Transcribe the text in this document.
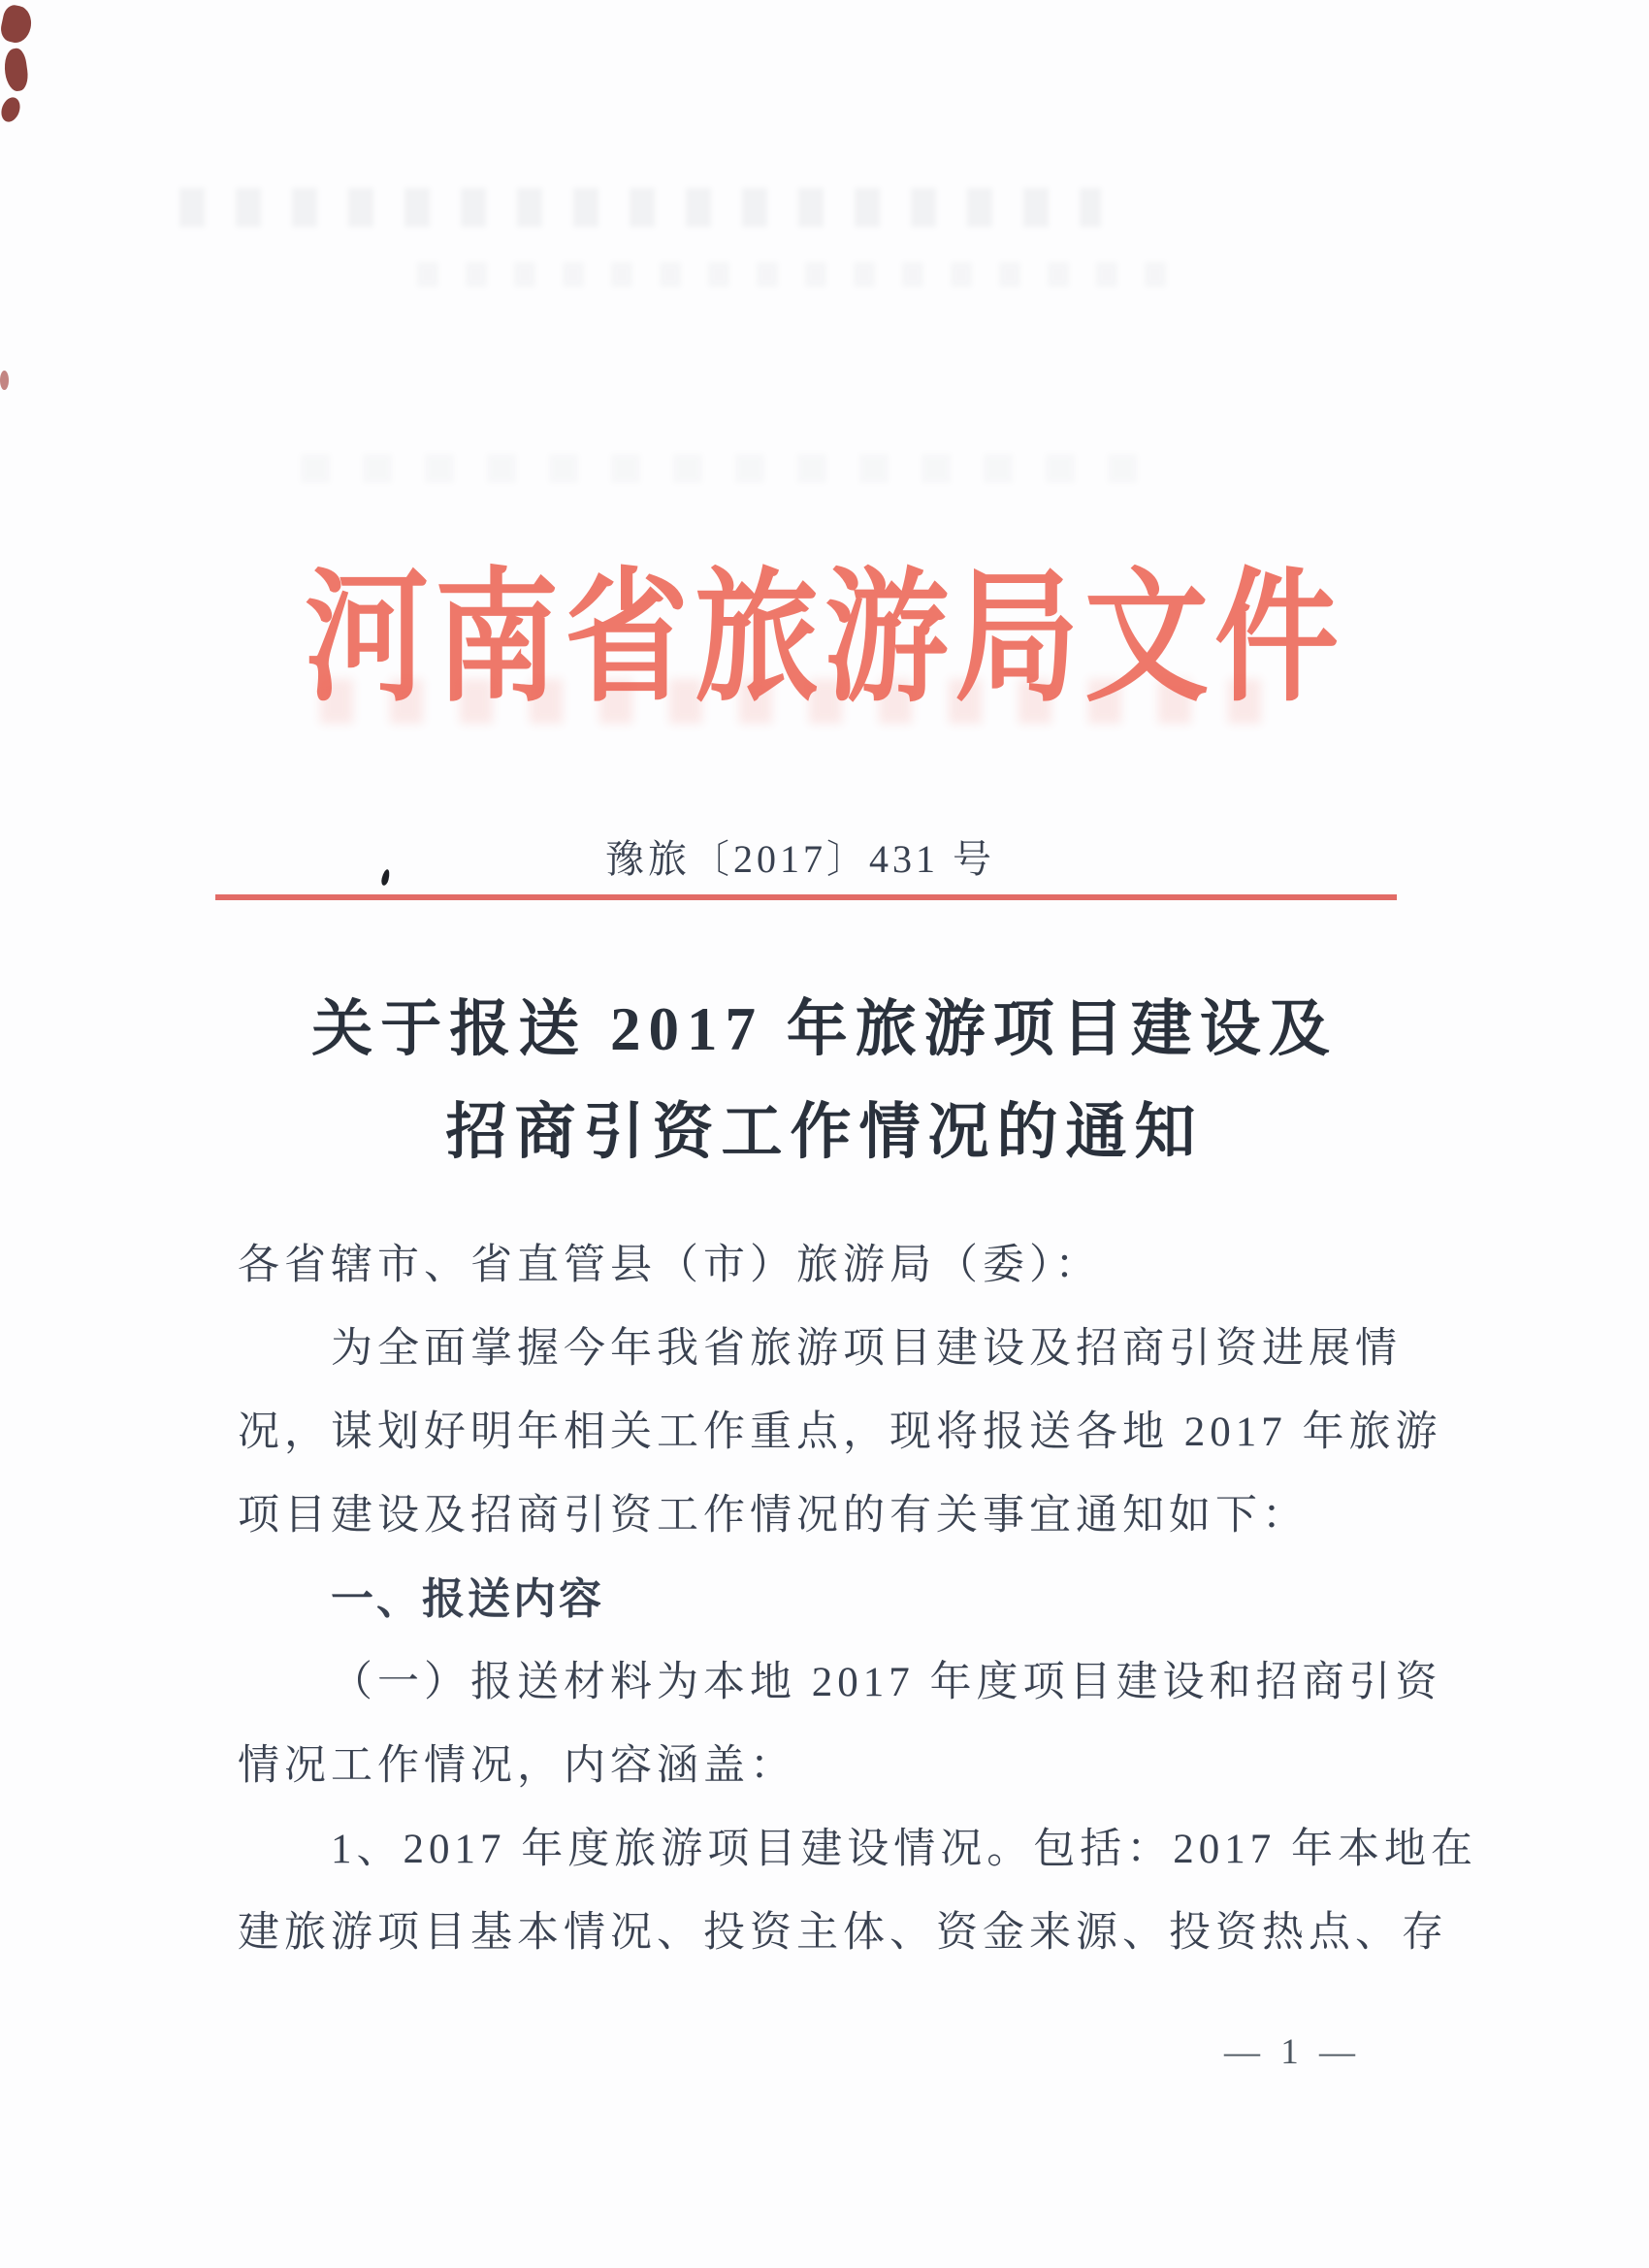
河南省旅游局文件
豫旅〔2017〕431 号
关于报送 2017 年旅游项目建设及
招商引资工作情况的通知
各省辖市、省直管县（市）旅游局（委）：
为全面掌握今年我省旅游项目建设及招商引资进展情
况，谋划好明年相关工作重点，现将报送各地 2017 年旅游
项目建设及招商引资工作情况的有关事宜通知如下：
一、报送内容
（一）报送材料为本地 2017 年度项目建设和招商引资
情况工作情况，内容涵盖：
1、2017 年度旅游项目建设情况。包括：2017 年本地在
建旅游项目基本情况、投资主体、资金来源、投资热点、存
— 1 —
